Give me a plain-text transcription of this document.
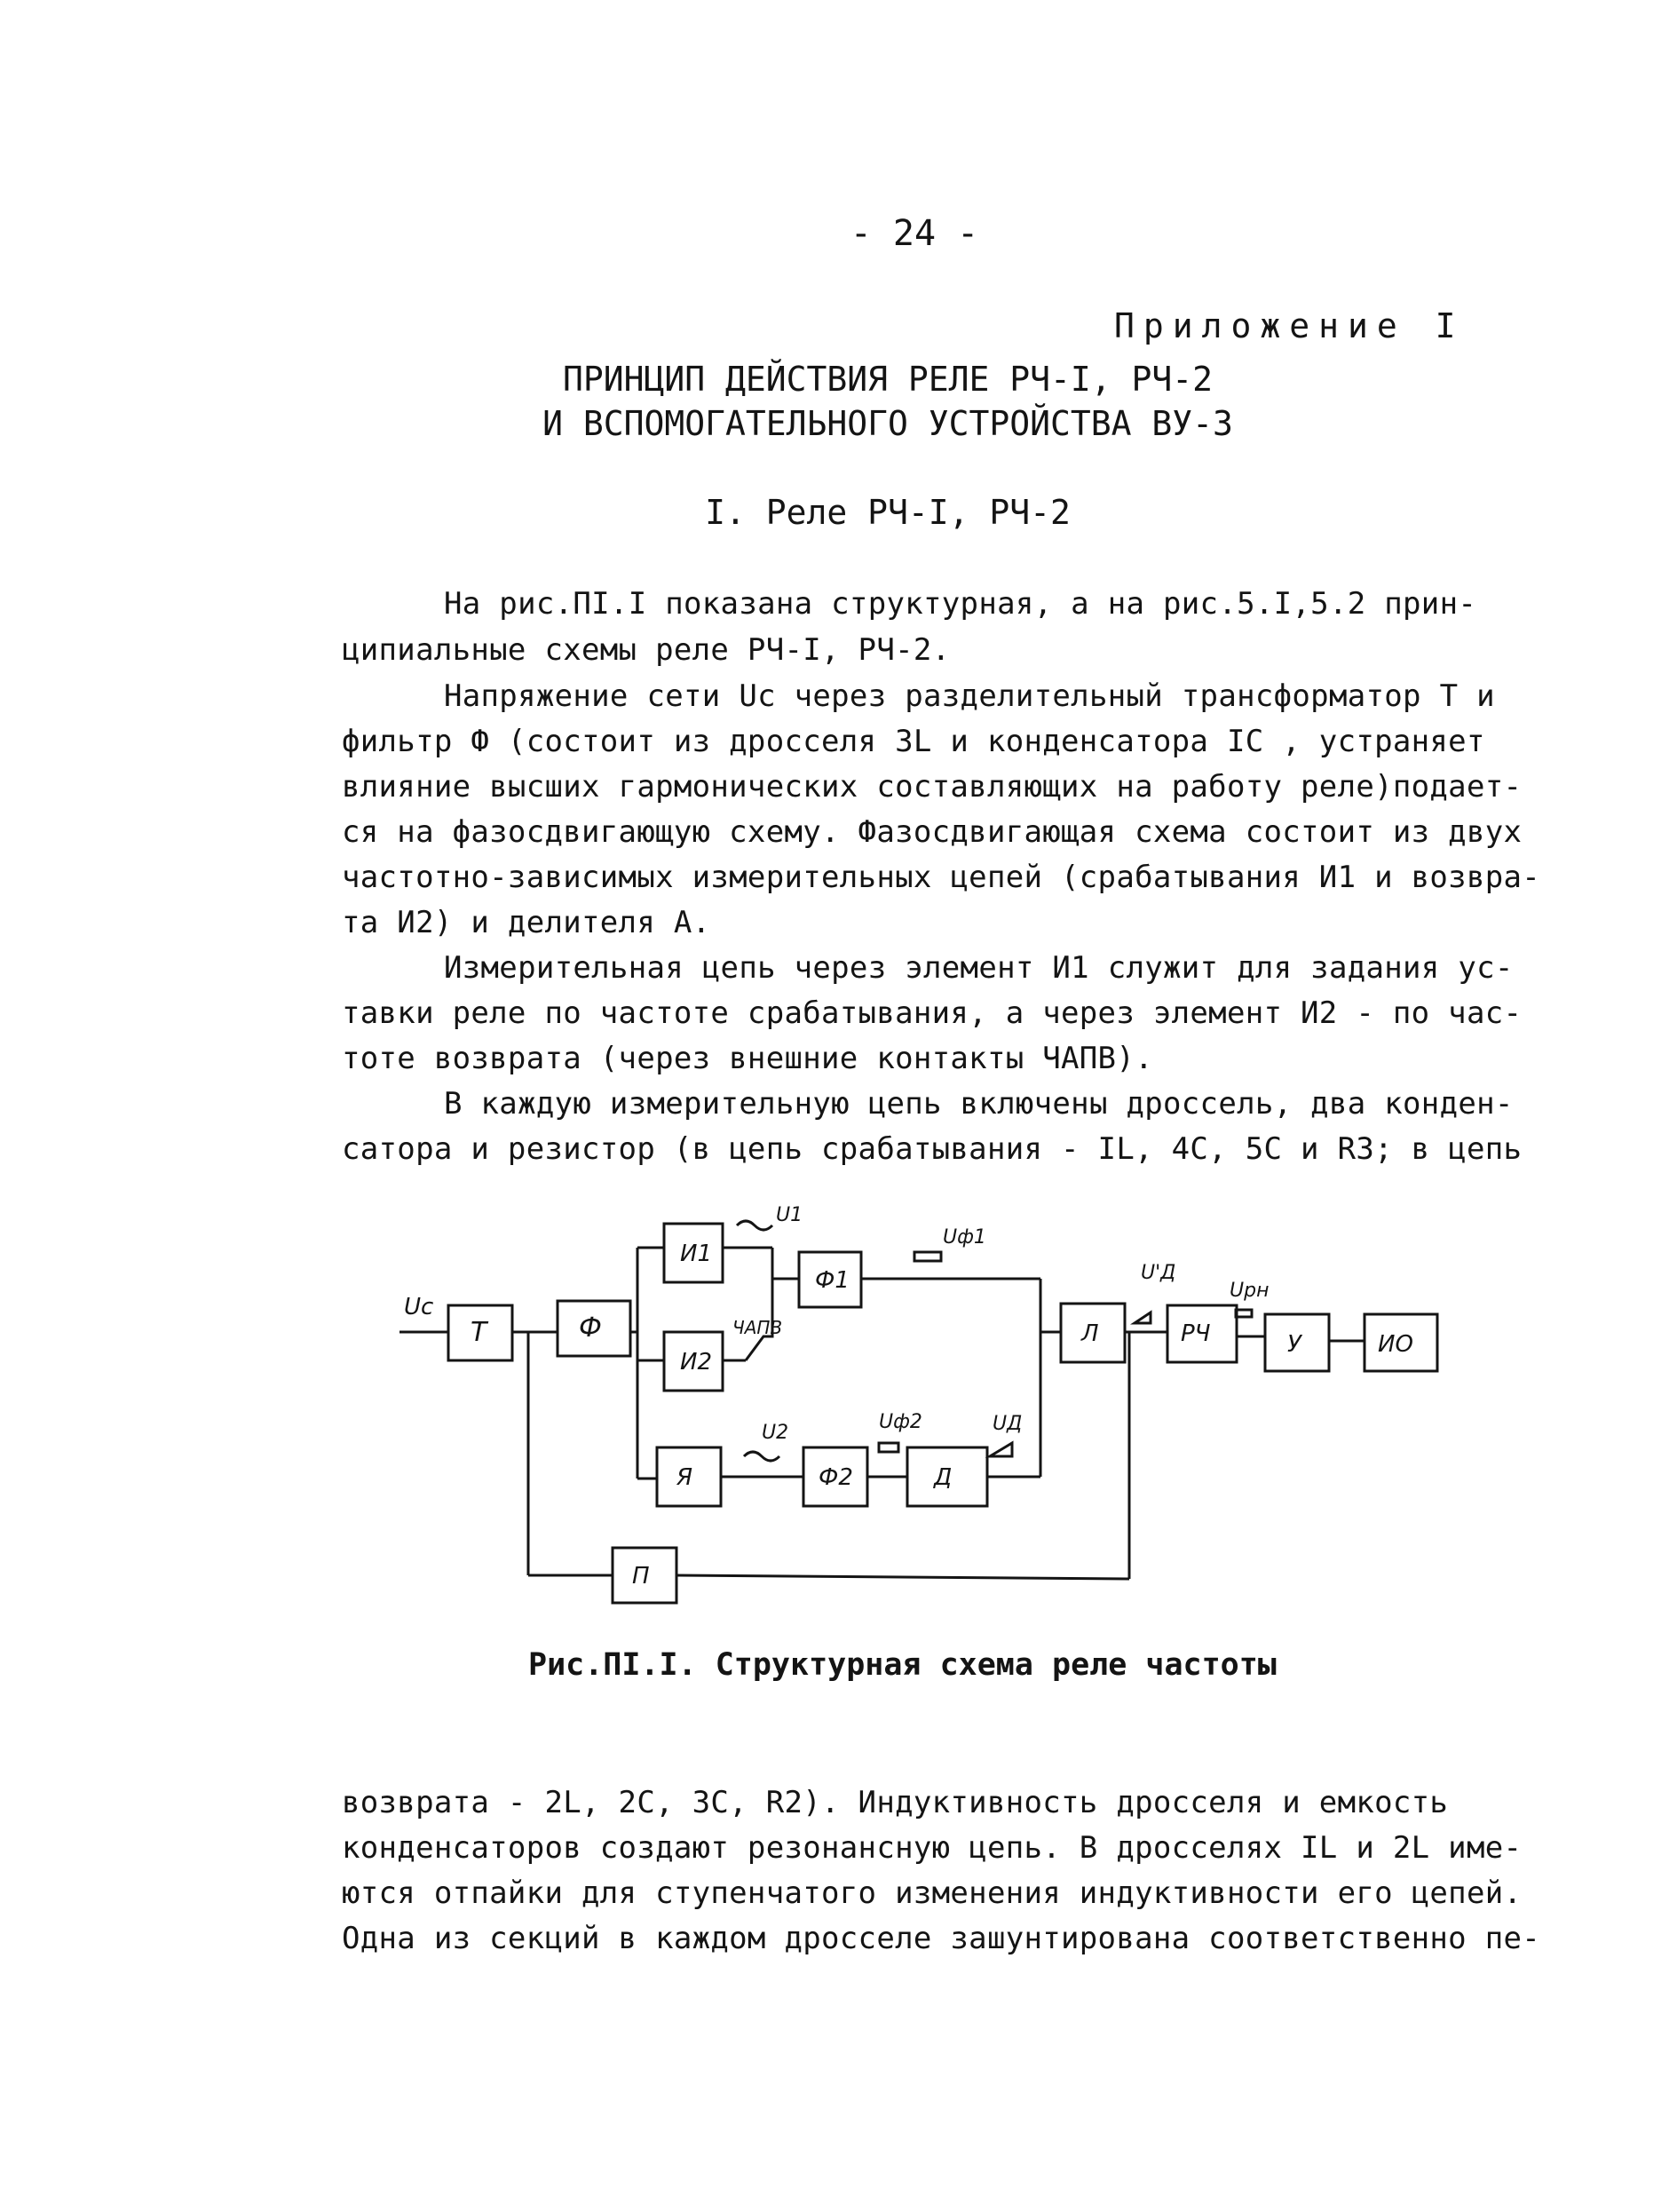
- 24 -
Приложение I
ПРИНЦИП ДЕЙСТВИЯ РЕЛЕ РЧ-I, РЧ-2
И ВСПОМОГАТЕЛЬНОГО УСТРОЙСТВА ВУ-3
I. Реле РЧ-I, РЧ-2
На рис.ПI.I показана структурная, а на рис.5.I,5.2 прин-
ципиальные схемы реле РЧ-I, РЧ-2.
Напряжение сети Uc через разделительный трансформатор Т и
фильтр Ф (состоит из дросселя 3L и конденсатора IC , устраняет
влияние высших гармонических составляющих на работу реле)подает-
ся на фазосдвигающую схему. Фазосдвигающая схема состоит из двух
частотно-зависимых измерительных цепей (срабатывания И1 и возвра-
та И2) и делителя А.
Измерительная цепь через элемент И1 служит для задания ус-
тавки реле по частоте срабатывания, а через элемент И2 - по час-
тоте возврата (через внешние контакты ЧАПВ).
В каждую измерительную цепь включены дроссель, два конден-
сатора и резистор (в цепь срабатывания - IL, 4C, 5C и R3; в цепь
Uc
Т	Ф
И1
И2
Я
Ф1
Ф2	Д
Л	РЧ	У	ИО
П
U1
U2
Uф1
Uф2	UД
U'Д
Uрн
ЧАПВ
Рис.ПI.I. Структурная схема реле частоты
возврата - 2L, 2C, 3C, R2). Индуктивность дросселя и емкость
конденсаторов создают резонансную цепь. В дросселях IL и 2L име-
ются отпайки для ступенчатого изменения индуктивности его цепей.
Одна из секций в каждом дросселе зашунтирована соответственно пе-
